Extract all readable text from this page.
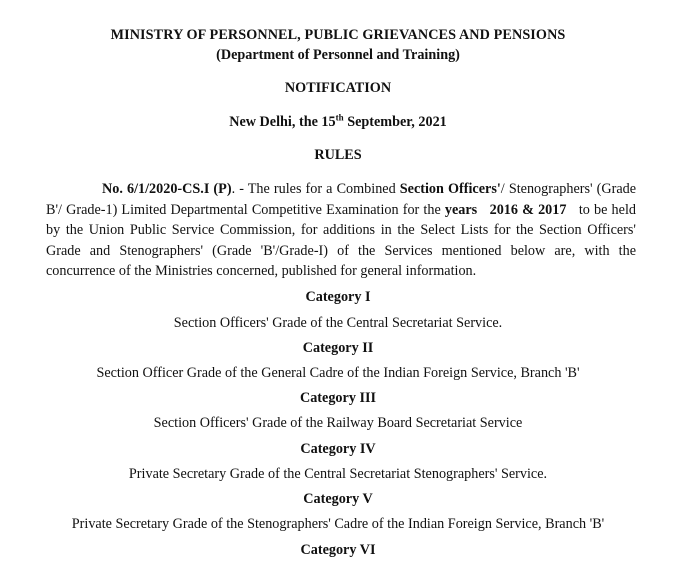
MINISTRY OF PERSONNEL, PUBLIC GRIEVANCES AND PENSIONS
(Department of Personnel and Training)
NOTIFICATION
New Delhi, the 15th September, 2021
RULES
No. 6/1/2020-CS.I (P). - The rules for a Combined Section Officers'/ Stenographers' (Grade
B'/ Grade-1) Limited Departmental Competitive Examination for the years   2016 & 2017   to be held
by the Union Public Service Commission, for additions in the Select Lists for the Section Officers'
Grade and Stenographers' (Grade 'B'/Grade-I) of the Services mentioned below are, with the
concurrence of the Ministries concerned, published for general information.
Category I
Section Officers' Grade of the Central Secretariat Service.
Category II
Section Officer Grade of the General Cadre of the Indian Foreign Service, Branch 'B'
Category III
Section Officers' Grade of the Railway Board Secretariat Service
Category IV
Private Secretary Grade of the Central Secretariat Stenographers' Service.
Category V
Private Secretary Grade of the Stenographers' Cadre of the Indian Foreign Service, Branch 'B'
Category VI
